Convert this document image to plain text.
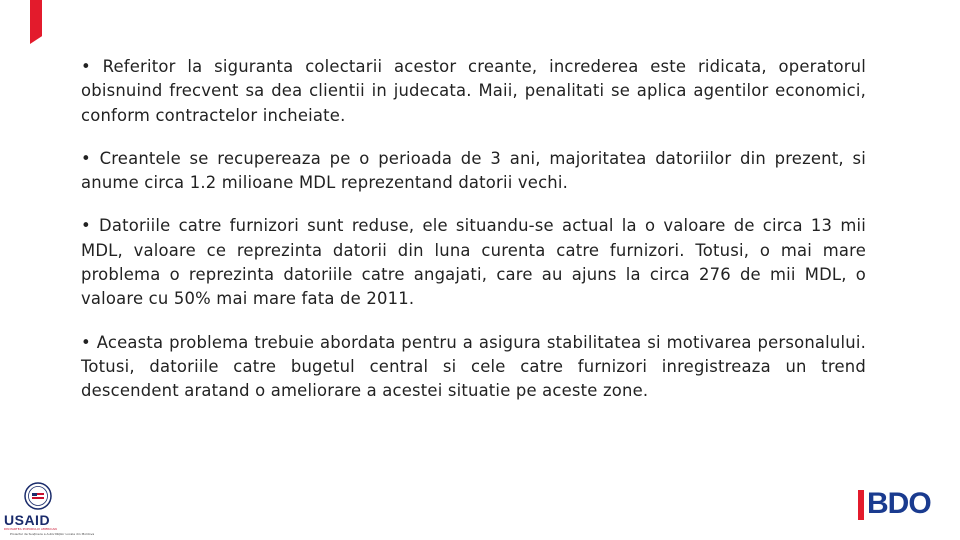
• Referitor la siguranta colectarii acestor creante, increderea este ridicata, operatorul obisnuind frecvent sa dea clientii in judecata. Maii, penalitati se aplica agentilor economici, conform contractelor incheiate.

• Creantele se recupereaza pe o perioada de 3 ani, majoritatea datoriilor din prezent, si anume circa 1.2 milioane MDL reprezentand datorii vechi.

• Datoriile catre furnizori sunt reduse, ele situandu-se actual la o valoare de circa 13 mii MDL, valoare ce reprezinta datorii din luna curenta catre furnizori. Totusi, o mai mare problema o reprezinta datoriile catre angajati, care au ajuns la circa 276 de mii MDL, o valoare cu 50% mai mare fata de 2011.

• Aceasta problema trebuie abordata pentru a asigura stabilitatea si motivarea personalului. Totusi, datoriile catre bugetul central si cele catre furnizori inregistreaza un trend descendent aratand o ameliorare a acestei situatie pe aceste zone.

USAID
DIN PARTEA POPORULUI AMERICAN
Proiectul de Susținere a Autorităților Locale din Moldova
BDO
